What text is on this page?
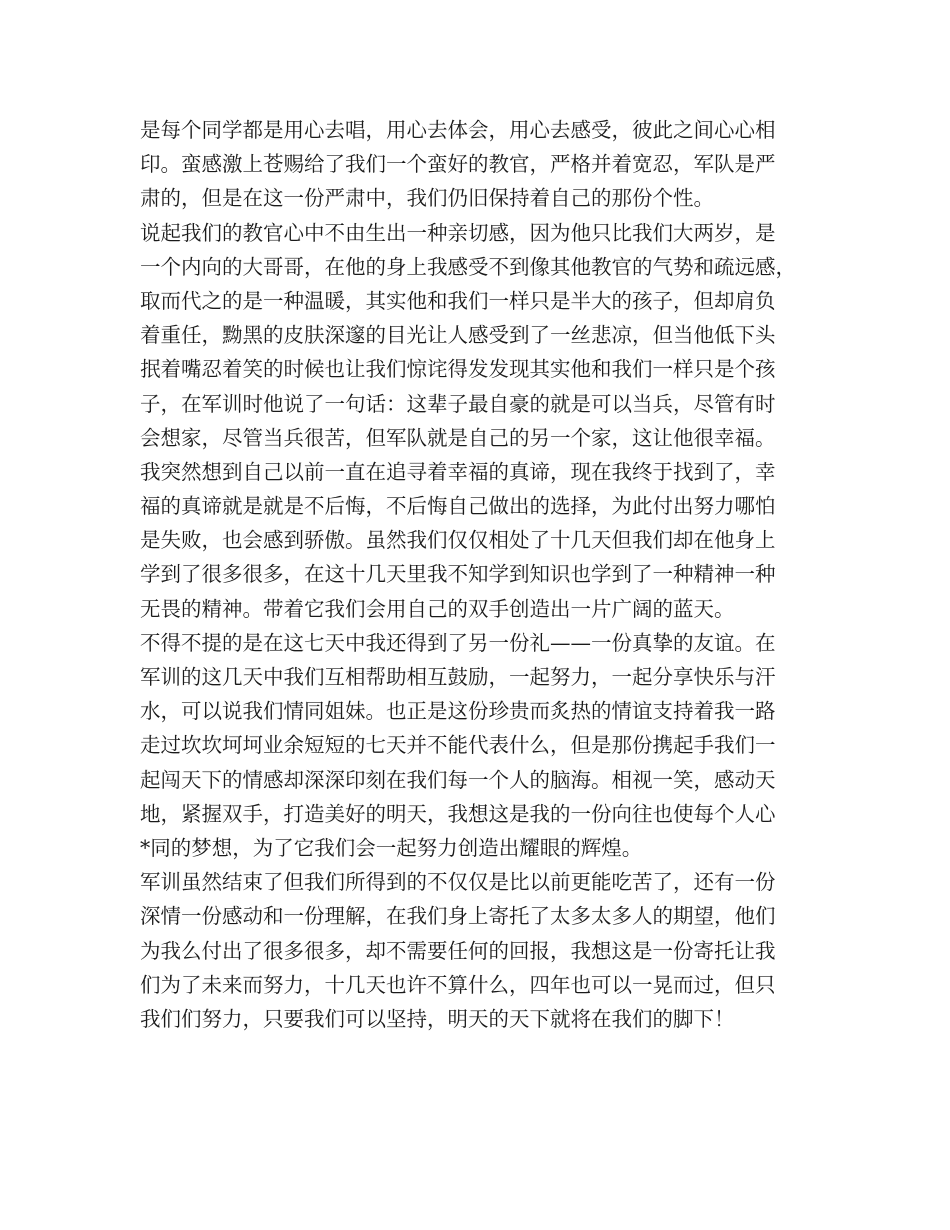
是每个同学都是用心去唱，用心去体会，用心去感受，彼此之间心心相
印。蛮感激上苍赐给了我们一个蛮好的教官，严格并着宽忍，军队是严
肃的，但是在这一份严肃中，我们仍旧保持着自己的那份个性。
说起我们的教官心中不由生出一种亲切感，因为他只比我们大两岁，是
一个内向的大哥哥，在他的身上我感受不到像其他教官的气势和疏远感，
取而代之的是一种温暖，其实他和我们一样只是半大的孩子，但却肩负
着重任，黝黑的皮肤深邃的目光让人感受到了一丝悲凉，但当他低下头
抿着嘴忍着笑的时候也让我们惊诧得发发现其实他和我们一样只是个孩
子，在军训时他说了一句话：这辈子最自豪的就是可以当兵，尽管有时
会想家，尽管当兵很苦，但军队就是自己的另一个家，这让他很幸福。
我突然想到自己以前一直在追寻着幸福的真谛，现在我终于找到了，幸
福的真谛就是就是不后悔，不后悔自己做出的选择，为此付出努力哪怕
是失败，也会感到骄傲。虽然我们仅仅相处了十几天但我们却在他身上
学到了很多很多，在这十几天里我不知学到知识也学到了一种精神一种
无畏的精神。带着它我们会用自己的双手创造出一片广阔的蓝天。
不得不提的是在这七天中我还得到了另一份礼——一份真挚的友谊。在
军训的这几天中我们互相帮助相互鼓励，一起努力，一起分享快乐与汗
水，可以说我们情同姐妹。也正是这份珍贵而炙热的情谊支持着我一路
走过坎坎坷坷业余短短的七天并不能代表什么，但是那份携起手我们一
起闯天下的情感却深深印刻在我们每一个人的脑海。相视一笑，感动天
地，紧握双手，打造美好的明天，我想这是我的一份向往也使每个人心
*同的梦想，为了它我们会一起努力创造出耀眼的辉煌。
军训虽然结束了但我们所得到的不仅仅是比以前更能吃苦了，还有一份
深情一份感动和一份理解，在我们身上寄托了太多太多人的期望，他们
为我么付出了很多很多，却不需要任何的回报，我想这是一份寄托让我
们为了未来而努力，十几天也许不算什么，四年也可以一晃而过，但只
我们们努力，只要我们可以坚持，明天的天下就将在我们的脚下！
